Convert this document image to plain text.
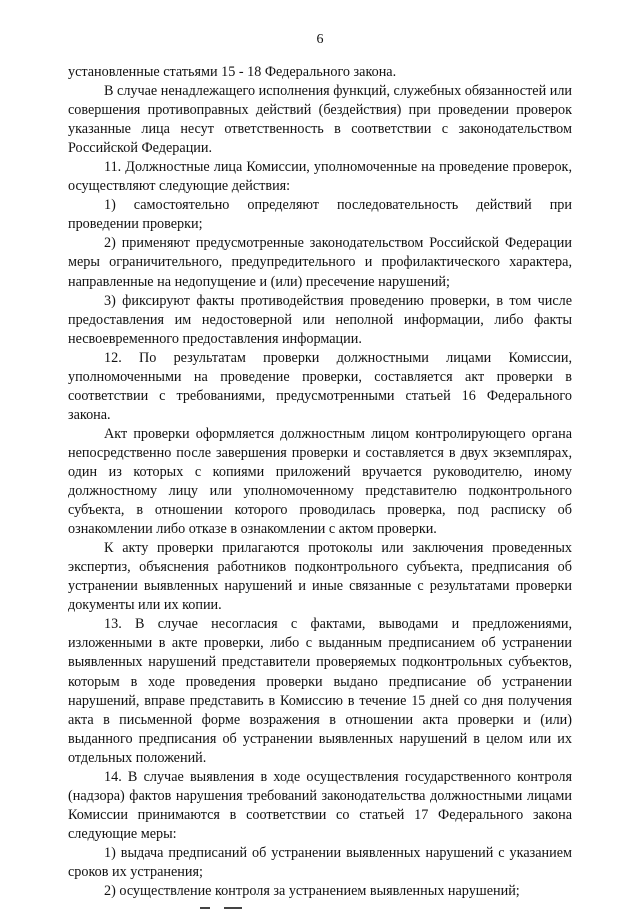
6

установленные статьями 15 - 18 Федерального закона.

В случае ненадлежащего исполнения функций, служебных обязанностей или совершения противоправных действий (бездействия) при проведении проверок указанные лица несут ответственность в соответствии с законодательством Российской Федерации.

11. Должностные лица Комиссии, уполномоченные на проведение проверок, осуществляют следующие действия:

1) самостоятельно определяют последовательность действий при проведении проверки;

2) применяют предусмотренные законодательством Российской Федерации меры ограничительного, предупредительного и профилактического характера, направленные на недопущение и (или) пресечение нарушений;

3) фиксируют факты противодействия проведению проверки, в том числе предоставления им недостоверной или неполной информации, либо факты несвоевременного предоставления информации.

12. По результатам проверки должностными лицами Комиссии, уполномоченными на проведение проверки, составляется акт проверки в соответствии с требованиями, предусмотренными статьей 16 Федерального закона.

Акт проверки оформляется должностным лицом контролирующего органа непосредственно после завершения проверки и составляется в двух экземплярах, один из которых с копиями приложений вручается руководителю, иному должностному лицу или уполномоченному представителю подконтрольного субъекта, в отношении которого проводилась проверка, под расписку об ознакомлении либо отказе в ознакомлении с актом проверки.

К акту проверки прилагаются протоколы или заключения проведенных экспертиз, объяснения работников подконтрольного субъекта, предписания об устранении выявленных нарушений и иные связанные с результатами проверки документы или их копии.

13. В случае несогласия с фактами, выводами и предложениями, изложенными в акте проверки, либо с выданным предписанием об устранении выявленных нарушений представители проверяемых подконтрольных субъектов, которым в ходе проведения проверки выдано предписание об устранении нарушений, вправе представить в Комиссию в течение 15 дней со дня получения акта в письменной форме возражения в отношении акта проверки и (или) выданного предписания об устранении выявленных нарушений в целом или их отдельных положений.

14. В случае выявления в ходе осуществления государственного контроля (надзора) фактов нарушения требований законодательства должностными лицами Комиссии принимаются в соответствии со статьей 17 Федерального закона следующие меры:

1) выдача предписаний об устранении выявленных нарушений с указанием сроков их устранения;

2) осуществление контроля за устранением выявленных нарушений;
